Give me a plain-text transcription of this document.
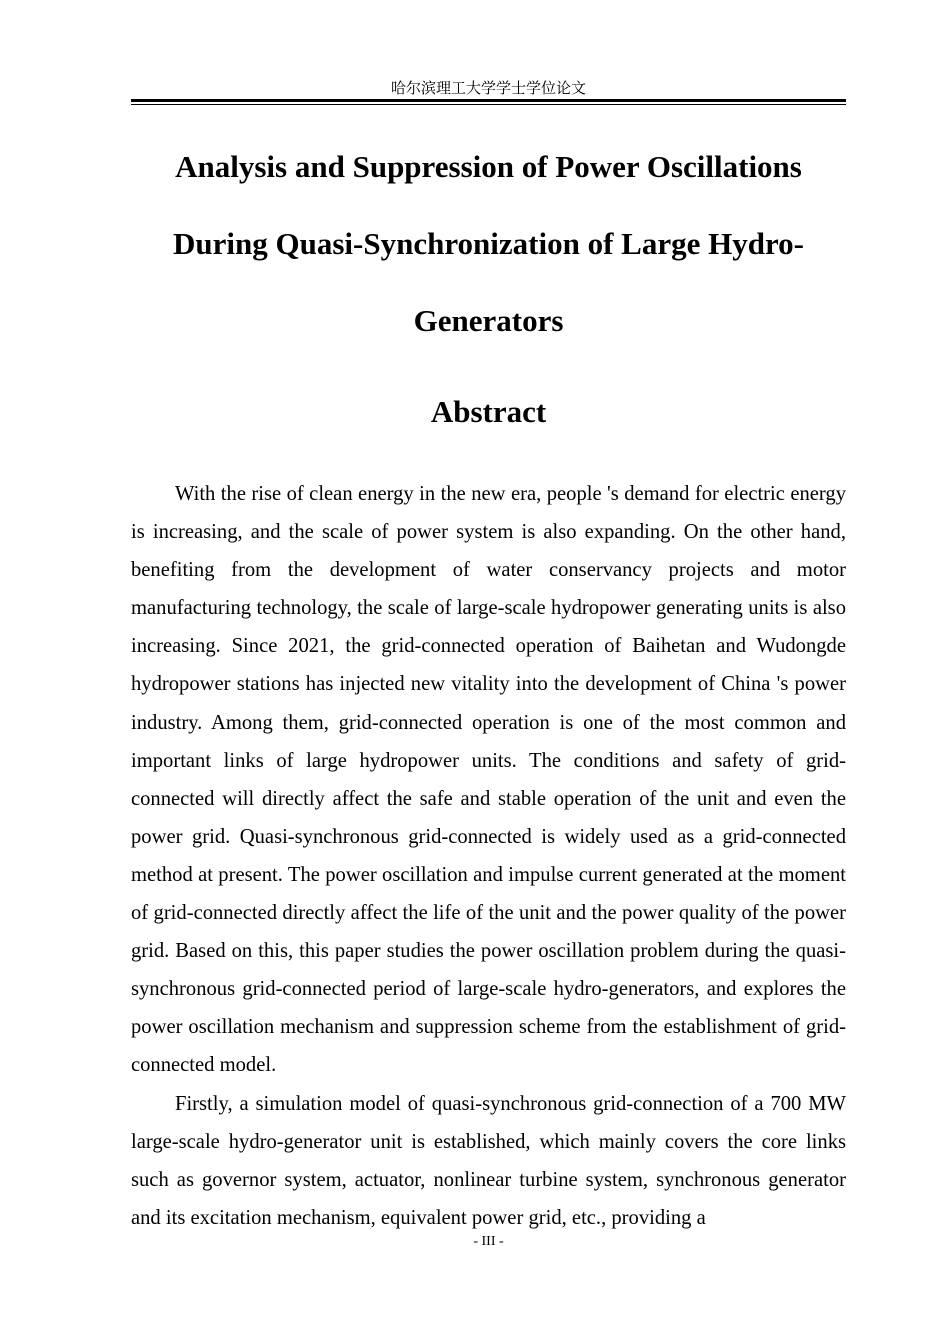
哈尔滨理工大学学士学位论文
Analysis and Suppression of Power Oscillations During Quasi-Synchronization of Large Hydro-Generators
Abstract

With the rise of clean energy in the new era, people 's demand for electric energy is increasing, and the scale of power system is also expanding. On the other hand, benefiting from the development of water conservancy projects and motor manufacturing technology, the scale of large-scale hydropower generating units is also increasing. Since 2021, the grid-connected operation of Baihetan and Wudongde hydropower stations has injected new vitality into the development of China 's power industry. Among them, grid-connected operation is one of the most common and important links of large hydropower units. The conditions and safety of grid-connected will directly affect the safe and stable operation of the unit and even the power grid. Quasi-synchronous grid-connected is widely used as a grid-connected method at present. The power oscillation and impulse current generated at the moment of grid-connected directly affect the life of the unit and the power quality of the power grid. Based on this, this paper studies the power oscillation problem during the quasi-synchronous grid-connected period of large-scale hydro-generators, and explores the power oscillation mechanism and suppression scheme from the establishment of grid-connected model.

Firstly, a simulation model of quasi-synchronous grid-connection of a 700 MW large-scale hydro-generator unit is established, which mainly covers the core links such as governor system, actuator, nonlinear turbine system, synchronous generator and its excitation mechanism, equivalent power grid, etc., providing a

- III -
